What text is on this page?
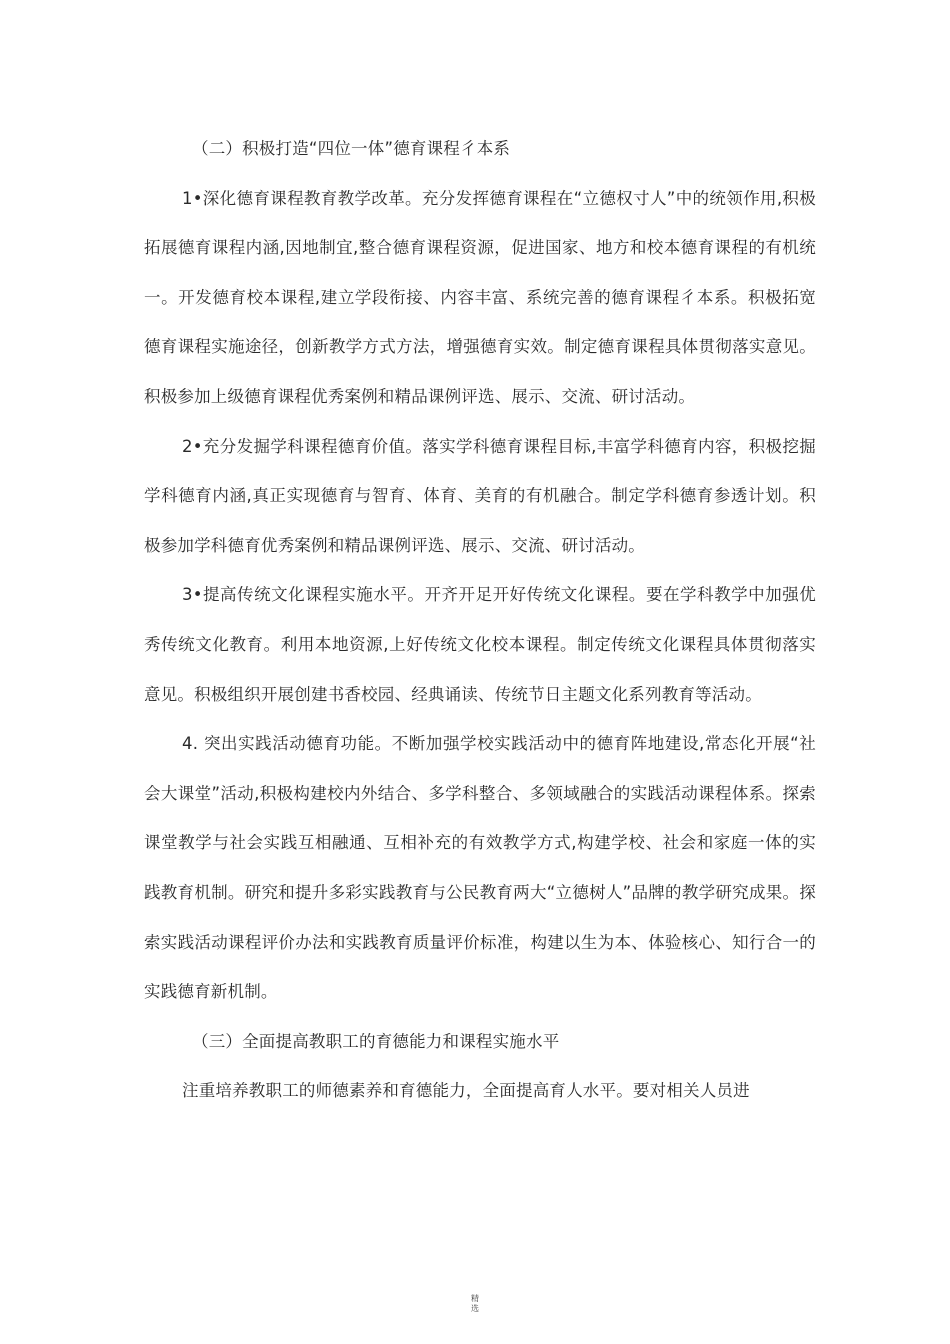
（二）积极打造“四位一体”德育课程彳本系

1•深化德育课程教育教学改革。充分发挥德育课程在“立德权寸人”中的统领作用,积极拓展德育课程内涵,因地制宜,整合德育课程资源，促进国家、地方和校本德育课程的有机统一。开发德育校本课程,建立学段衔接、内容丰富、系统完善的德育课程彳本系。积极拓宽德育课程实施途径，创新教学方式方法，增强德育实效。制定德育课程具体贯彻落实意见。积极参加上级德育课程优秀案例和精品课例评选、展示、交流、研讨活动。

2•充分发掘学科课程德育价值。落实学科德育课程目标,丰富学科德育内容，积极挖掘学科德育内涵,真正实现德育与智育、体育、美育的有机融合。制定学科德育参透计划。积极参加学科德育优秀案例和精品课例评选、展示、交流、研讨活动。

3•提高传统文化课程实施水平。开齐开足开好传统文化课程。要在学科教学中加强优秀传统文化教育。利用本地资源,上好传统文化校本课程。制定传统文化课程具体贯彻落实意见。积极组织开展创建书香校园、经典诵读、传统节日主题文化系列教育等活动。

4. 突出实践活动德育功能。不断加强学校实践活动中的德育阵地建设,常态化开展“社会大课堂”活动,积极构建校内外结合、多学科整合、多领域融合的实践活动课程体系。探索课堂教学与社会实践互相融通、互相补充的有效教学方式,构建学校、社会和家庭一体的实践教育机制。研究和提升多彩实践教育与公民教育两大“立德树人”品牌的教学研究成果。探索实践活动课程评价办法和实践教育质量评价标准，构建以生为本、体验核心、知行合一的实践德育新机制。

（三）全面提高教职工的育德能力和课程实施水平

注重培养教职工的师德素养和育德能力，全面提高育人水平。要对相关人员进

精
选
